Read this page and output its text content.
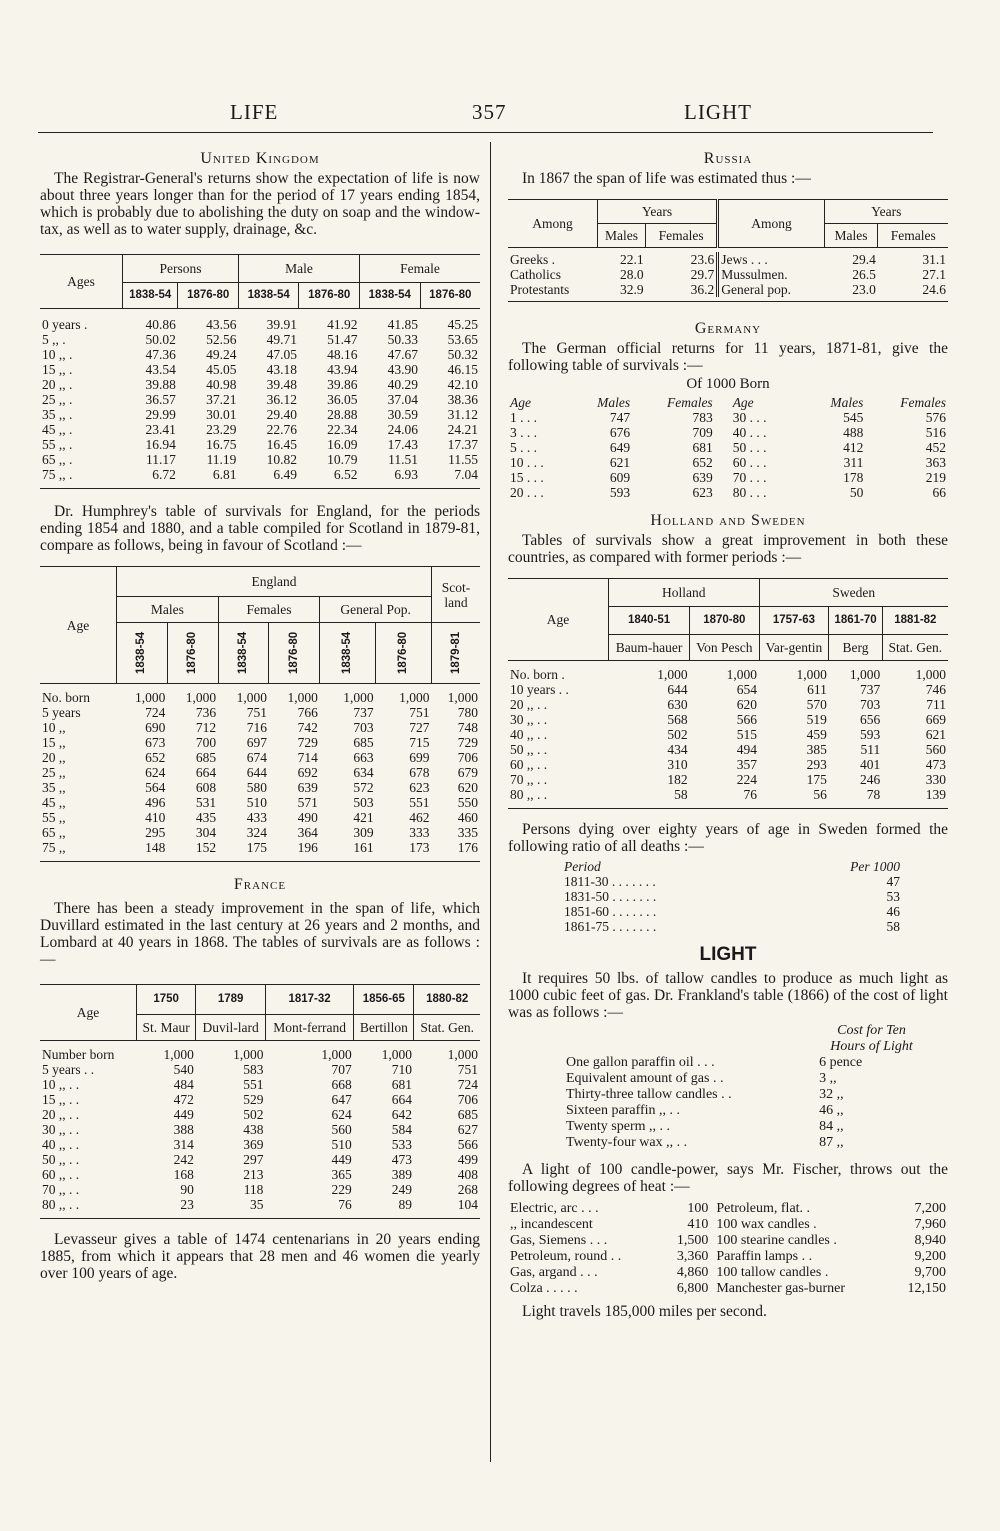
LIFE	357	LIGHT
United Kingdom

The Registrar-General's returns show the expectation of life is now about three years longer than for the period of 17 years ending 1854, which is probably due to abolishing the duty on soap and the window-tax, as well as to water supply, drainage, &c.

Ages	Persons		Male		Female	
	1838-54	1876-80	1838-54	1876-80	1838-54	1876-80

0 years .	40.86	43.56	39.91	41.92	41.85	45.25
5 ,, .	50.02	52.56	49.71	51.47	50.33	53.65
10 ,, .	47.36	49.24	47.05	48.16	47.67	50.32
15 ,, .	43.54	45.05	43.18	43.94	43.90	46.15
20 ,, .	39.88	40.98	39.48	39.86	40.29	42.10
25 ,, .	36.57	37.21	36.12	36.05	37.04	38.36
35 ,, .	29.99	30.01	29.40	28.88	30.59	31.12
45 ,, .	23.41	23.29	22.76	22.34	24.06	24.21
55 ,, .	16.94	16.75	16.45	16.09	17.43	17.37
65 ,, .	11.17	11.19	10.82	10.79	11.51	11.55
75 ,, .	6.72	6.81	6.49	6.52	6.93	7.04

Dr. Humphrey's table of survivals for England, for the periods ending 1854 and 1880, and a table compiled for Scotland in 1879-81, compare as follows, being in favour of Scotland :—

Age	England						Scot-land
	Males		Females		General Pop.		

	1838-54	1876-80	1838-54	1876-80	1838-54	1876-80	1879-81

No. born	1,000	1,000	1,000	1,000	1,000	1,000	1,000
5 years	724	736	751	766	737	751	780
10 ,,	690	712	716	742	703	727	748
15 ,,	673	700	697	729	685	715	729
20 ,,	652	685	674	714	663	699	706
25 ,,	624	664	644	692	634	678	679
35 ,,	564	608	580	639	572	623	620
45 ,,	496	531	510	571	503	551	550
55 ,,	410	435	433	490	421	462	460
65 ,,	295	304	324	364	309	333	335
75 ,,	148	152	175	196	161	173	176
France

There has been a steady improvement in the span of life, which Duvillard estimated in the last century at 26 years and 2 months, and Lombard at 40 years in 1868. The tables of survivals are as follows :—

Age	1750	1789	1817-32	1856-65	1880-82
	St. Maur	Duvil-lard	Mont-ferrand	Bertillon	Stat. Gen.

Number born	1,000	1,000	1,000	1,000	1,000
5 years . .	540	583	707	710	751
10 ,, . .	484	551	668	681	724
15 ,, . .	472	529	647	664	706
20 ,, . .	449	502	624	642	685
30 ,, . .	388	438	560	584	627
40 ,, . .	314	369	510	533	566
50 ,, . .	242	297	449	473	499
60 ,, . .	168	213	365	389	408
70 ,, . .	90	118	229	249	268
80 ,, . .	23	35	76	89	104

Levasseur gives a table of 1474 centenarians in 20 years ending 1885, from which it appears that 28 men and 46 women die yearly over 100 years of age.

Russia

In 1867 the span of life was estimated thus :—

Among	Years		Among	Years	
	Males	Females		Males	Females

Greeks .	22.1	23.6	Jews . . .	29.4	31.1
Catholics	28.0	29.7	Mussulmen.	26.5	27.1
Protestants	32.9	36.2	General pop.	23.0	24.6
Germany

The German official returns for 11 years, 1871-81, give the following table of survivals :—

Of 1000 Born
Age	Males	Females	Age	Males	Females
1 . . .	747	783	30 . . .	545	576
3 . . .	676	709	40 . . .	488	516
5 . . .	649	681	50 . . .	412	452
10 . . .	621	652	60 . . .	311	363
15 . . .	609	639	70 . . .	178	219
20 . . .	593	623	80 . . .	50	66
Holland and Sweden

Tables of survivals show a great improvement in both these countries, as compared with former periods :—

Age	Holland		Sweden		
	1840-51	1870-80	1757-63	1861-70	1881-82
	Baum-hauer	Von Pesch	Var-gentin	Berg	Stat. Gen.

No. born .	1,000	1,000	1,000	1,000	1,000
10 years . .	644	654	611	737	746
20 ,, . .	630	620	570	703	711
30 ,, . .	568	566	519	656	669
40 ,, . .	502	515	459	593	621
50 ,, . .	434	494	385	511	560
60 ,, . .	310	357	293	401	473
70 ,, . .	182	224	175	246	330
80 ,, . .	58	76	56	78	139

Persons dying over eighty years of age in Sweden formed the following ratio of all deaths :—

Period	Per 1000
1811-30 . . . . . . .	47
1831-50 . . . . . . .	53
1851-60 . . . . . . .	46
1861-75 . . . . . . .	58
LIGHT

It requires 50 lbs. of tallow candles to produce as much light as 1000 cubic feet of gas. Dr. Frankland's table (1866) of the cost of light was as follows :—

	Cost for Ten
	Hours of Light
One gallon paraffin oil . . .	6 pence
Equivalent amount of gas . .	3 ,,
Thirty-three tallow candles . .	32 ,,
Sixteen paraffin ,, . .	46 ,,
Twenty sperm ,, . .	84 ,,
Twenty-four wax ,, . .	87 ,,

A light of 100 candle-power, says Mr. Fischer, throws out the following degrees of heat :—

Electric, arc . . .	100	Petroleum, flat. .	7,200
,, incandescent	410	100 wax candles .	7,960
Gas, Siemens . . .	1,500	100 stearine candles .	8,940
Petroleum, round . .	3,360	Paraffin lamps . .	9,200
Gas, argand . . .	4,860	100 tallow candles .	9,700
Colza . . . . .	6,800	Manchester gas-burner	12,150

Light travels 185,000 miles per second.
